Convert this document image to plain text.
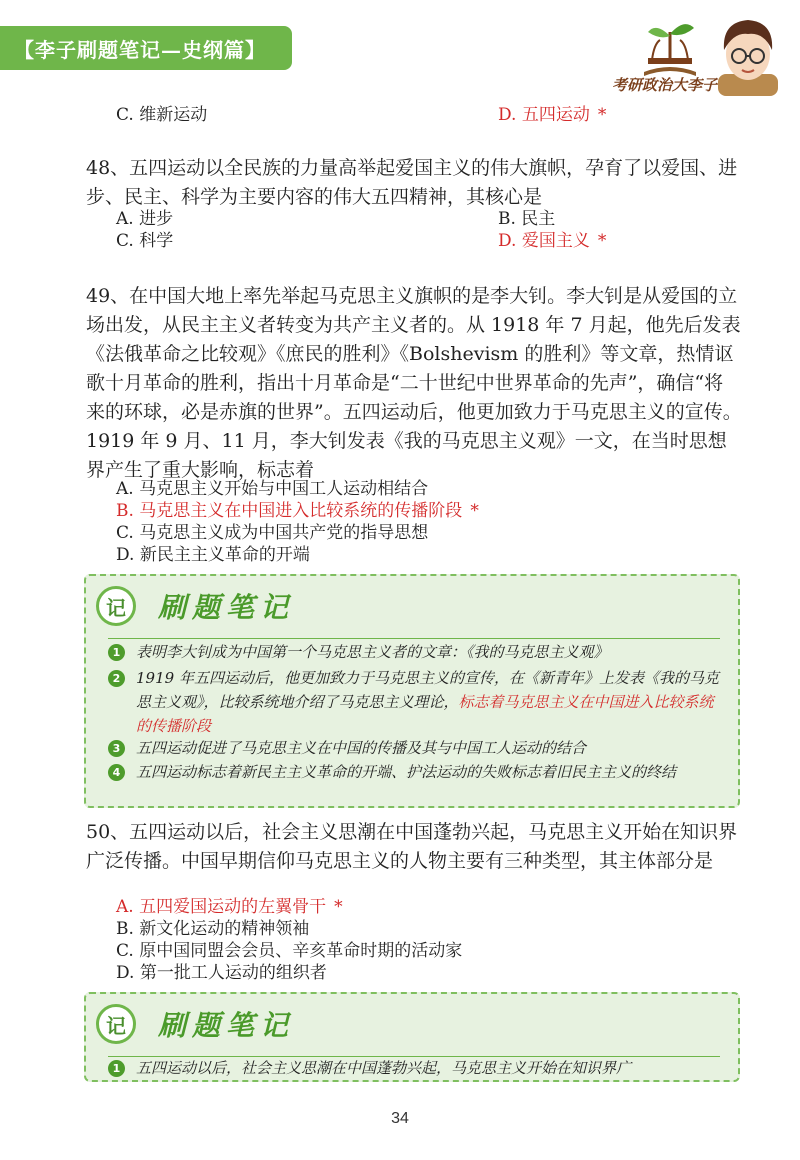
【李子刷题笔记—史纲篇】
考研政治大李子
C. 维新运动	D. 五四运动 *
48、五四运动以全民族的力量高举起爱国主义的伟大旗帜，孕育了以爱国、进步、民主、科学为主要内容的伟大五四精神，其核心是
A. 进步	B. 民主
C. 科学	D. 爱国主义 *
49、在中国大地上率先举起马克思主义旗帜的是李大钊。李大钊是从爱国的立场出发，从民主主义者转变为共产主义者的。从 1918 年 7 月起，他先后发表《法俄革命之比较观》《庶民的胜利》《Bolshevism 的胜利》等文章，热情讴歌十月革命的胜利，指出十月革命是“二十世纪中世界革命的先声”，确信“将来的环球，必是赤旗的世界”。五四运动后，他更加致力于马克思主义的宣传。1919 年 9 月、11 月，李大钊发表《我的马克思主义观》一文，在当时思想界产生了重大影响，标志着
A. 马克思主义开始与中国工人运动相结合
B. 马克思主义在中国进入比较系统的传播阶段 *
C. 马克思主义成为中国共产党的指导思想
D. 新民主主义革命的开端
记	刷题笔记
1	表明李大钊成为中国第一个马克思主义者的文章：《我的马克思主义观》
2	1919 年五四运动后，他更加致力于马克思主义的宣传，在《新青年》上发表《我的马克思主义观》，比较系统地介绍了马克思主义理论，标志着马克思主义在中国进入比较系统的传播阶段
3	五四运动促进了马克思主义在中国的传播及其与中国工人运动的结合
4	五四运动标志着新民主主义革命的开端、护法运动的失败标志着旧民主主义的终结
50、五四运动以后，社会主义思潮在中国蓬勃兴起，马克思主义开始在知识界广泛传播。中国早期信仰马克思主义的人物主要有三种类型，其主体部分是
A. 五四爱国运动的左翼骨干 *
B. 新文化运动的精神领袖
C. 原中国同盟会会员、辛亥革命时期的活动家
D. 第一批工人运动的组织者
记	刷题笔记
1	五四运动以后，社会主义思潮在中国蓬勃兴起，马克思主义开始在知识界广
34
